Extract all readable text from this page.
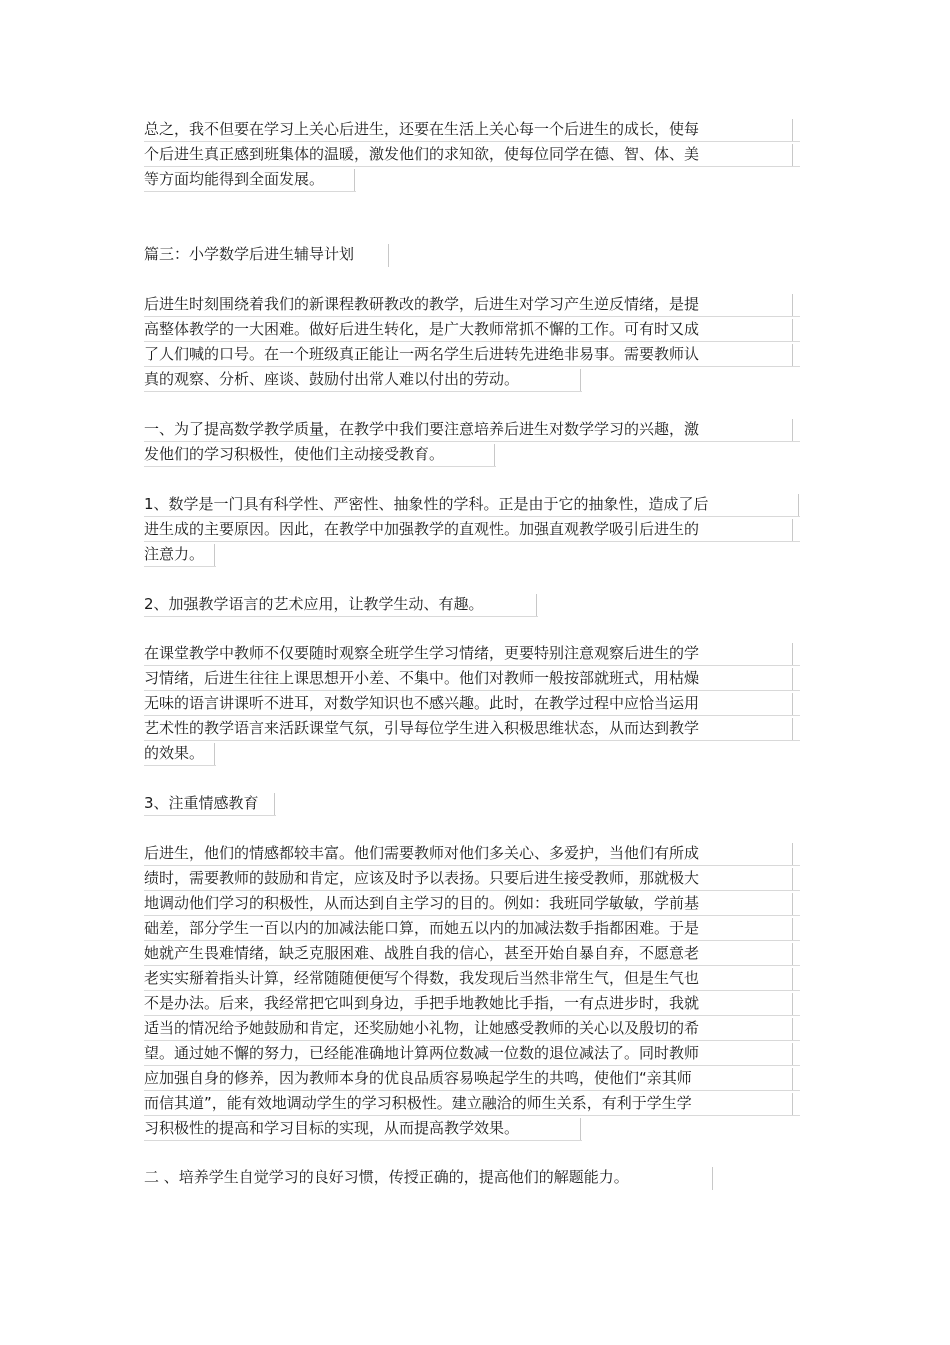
总之，我不但要在学习上关心后进生，还要在生活上关心每一个后进生的成长，使每
个后进生真正感到班集体的温暖，激发他们的求知欲，使每位同学在德、智、体、美
等方面均能得到全面发展。
篇三：小学数学后进生辅导计划
后进生时刻围绕着我们的新课程教研教改的教学，后进生对学习产生逆反情绪，是提
高整体教学的一大困难。做好后进生转化，是广大教师常抓不懈的工作。可有时又成
了人们喊的口号。在一个班级真正能让一两名学生后进转先进绝非易事。需要教师认
真的观察、分析、座谈、鼓励付出常人难以付出的劳动。
一、为了提高数学教学质量，在教学中我们要注意培养后进生对数学学习的兴趣，激
发他们的学习积极性，使他们主动接受教育。
1、数学是一门具有科学性、严密性、抽象性的学科。正是由于它的抽象性，造成了后
进生成的主要原因。因此，在教学中加强教学的直观性。加强直观教学吸引后进生的
注意力。
2、加强教学语言的艺术应用，让教学生动、有趣。
在课堂教学中教师不仅要随时观察全班学生学习情绪，更要特别注意观察后进生的学
习情绪，后进生往往上课思想开小差、不集中。他们对教师一般按部就班式，用枯燥
无味的语言讲课听不进耳，对数学知识也不感兴趣。此时，在教学过程中应恰当运用
艺术性的教学语言来活跃课堂气氛，引导每位学生进入积极思维状态，从而达到教学
的效果。
3、注重情感教育
后进生，他们的情感都较丰富。他们需要教师对他们多关心、多爱护，当他们有所成
绩时，需要教师的鼓励和肯定，应该及时予以表扬。只要后进生接受教师，那就极大
地调动他们学习的积极性，从而达到自主学习的目的。例如：我班同学敏敏，学前基
础差，部分学生一百以内的加减法能口算，而她五以内的加减法数手指都困难。于是
她就产生畏难情绪，缺乏克服困难、战胜自我的信心，甚至开始自暴自弃，不愿意老
老实实掰着指头计算，经常随随便便写个得数，我发现后当然非常生气，但是生气也
不是办法。后来，我经常把它叫到身边，手把手地教她比手指，一有点进步时，我就
适当的情况给予她鼓励和肯定，还奖励她小礼物，让她感受教师的关心以及殷切的希
望。通过她不懈的努力，已经能准确地计算两位数减一位数的退位减法了。同时教师
应加强自身的修养，因为教师本身的优良品质容易唤起学生的共鸣，使他们“亲其师
而信其道”，能有效地调动学生的学习积极性。建立融洽的师生关系，有利于学生学
习积极性的提高和学习目标的实现，从而提高教学效果。
二 、培养学生自觉学习的良好习惯，传授正确的，提高他们的解题能力。
